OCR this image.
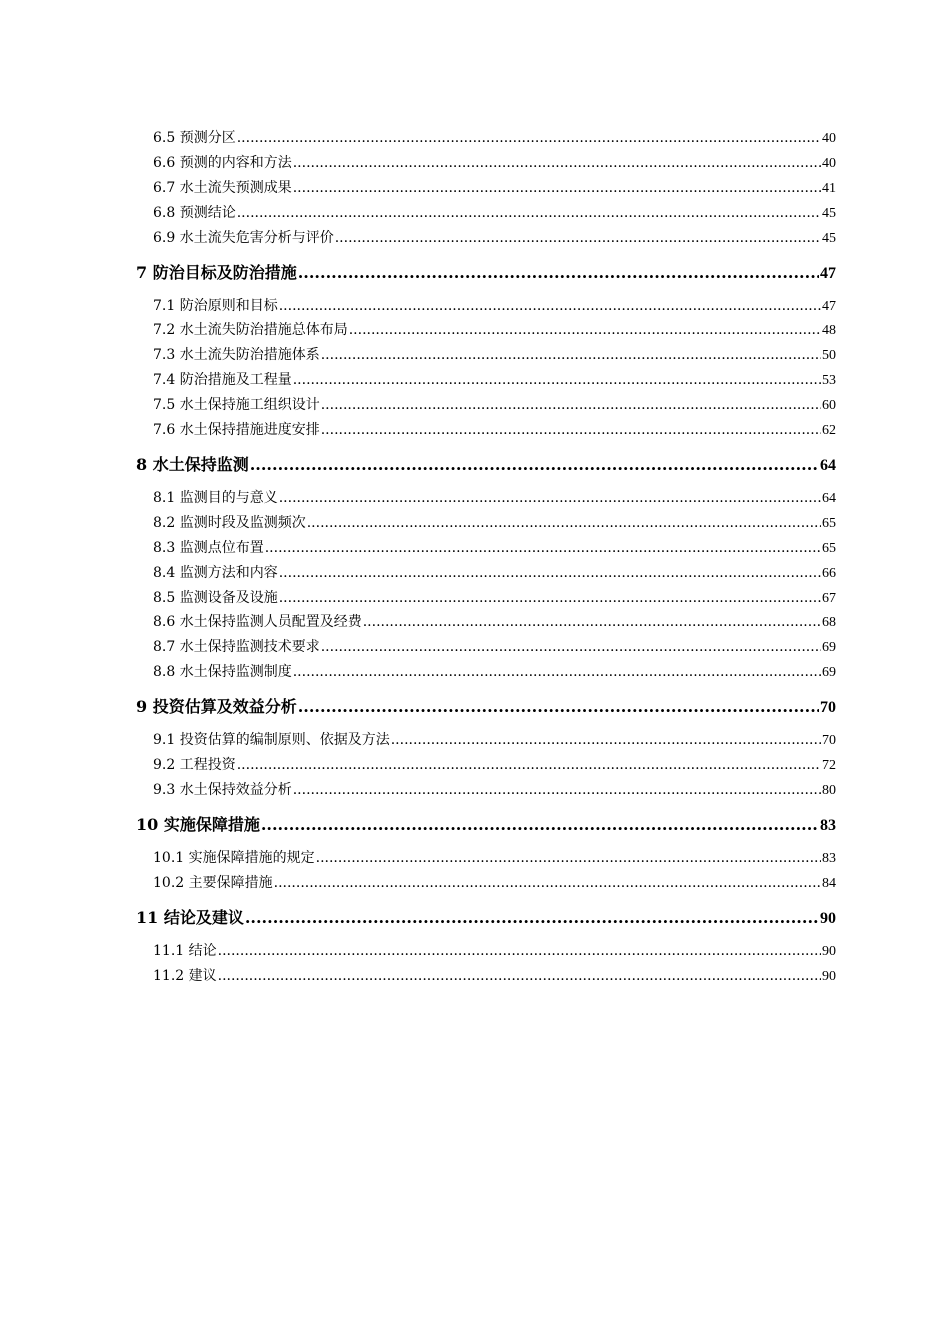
6.5 预测分区 .....	40
6.6 预测的内容和方法 .....	40
6.7 水土流失预测成果 .....	41
6.8 预测结论 .....	45
6.9 水土流失危害分析与评价 .....	45
7 防治目标及防治措施 .....	47
7.1 防治原则和目标 .....	47
7.2 水土流失防治措施总体布局 .....	48
7.3 水土流失防治措施体系 .....	50
7.4 防治措施及工程量 .....	53
7.5 水土保持施工组织设计 .....	60
7.6 水土保持措施进度安排 .....	62
8 水土保持监测 .....	64
8.1 监测目的与意义 .....	64
8.2 监测时段及监测频次 .....	65
8.3 监测点位布置 .....	65
8.4 监测方法和内容 .....	66
8.5 监测设备及设施 .....	67
8.6 水土保持监测人员配置及经费 .....	68
8.7 水土保持监测技术要求 .....	69
8.8 水土保持监测制度 .....	69
9 投资估算及效益分析 .....	70
9.1 投资估算的编制原则、依据及方法 .....	70
9.2 工程投资 .....	72
9.3 水土保持效益分析 .....	80
10 实施保障措施 .....	83
10.1 实施保障措施的规定 .....	83
10.2 主要保障措施 .....	84
11 结论及建议 .....	90
11.1 结论 .....	90
11.2 建议 .....	90
